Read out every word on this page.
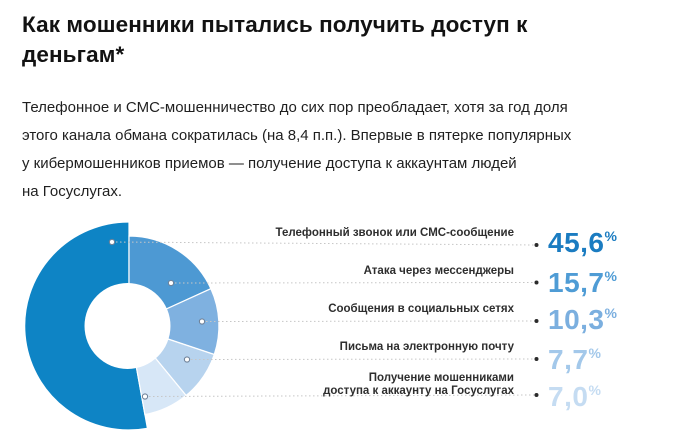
Как мошенники пытались получить доступ к
деньгам*
Телефонное и СМС-мошенничество до сих пор преобладает, хотя за год доля
этого канала обмана сократилась (на 8,4 п.п.). Впервые в пятерке популярных
у кибермошенников приемов — получение доступа к аккаунтам людей
на Госуслугах.
Телефонный звонок или СМС-сообщение 45,6%
Атака через мессенджеры 15,7%
Сообщения в социальных сетях 10,3%
Письма на электронную почту 7,7%
Получение мошенниками
доступа к аккаунту на Госуслугах 7,0%
